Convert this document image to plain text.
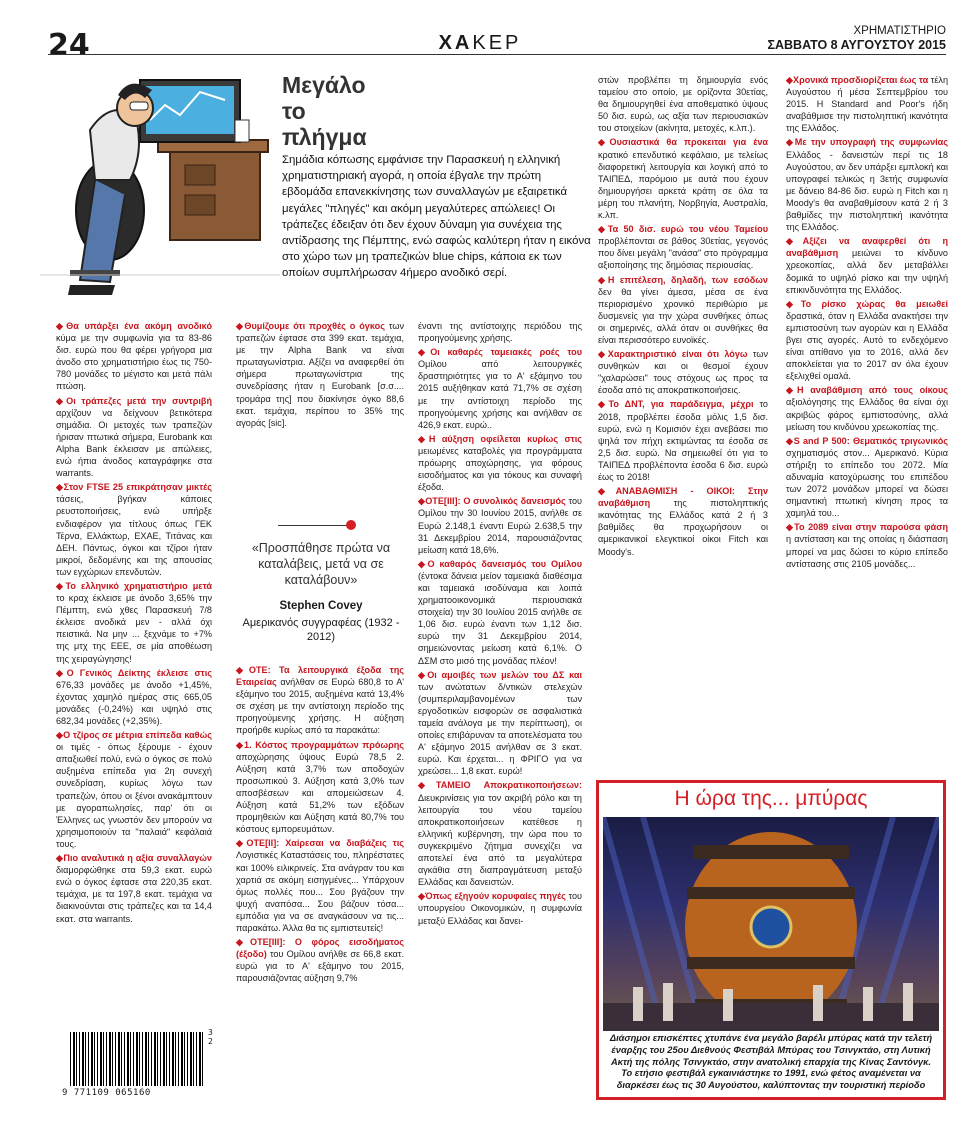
24	ΧΑΚΕΡ
ΧΡΗΜΑΤΙΣΤΗΡΙΟ
ΣΑΒΒΑΤΟ 8 ΑΥΓΟΥΣΤΟΥ 2015
Μεγάλο
το
πλήγμα

Σημάδια κόπωσης εμφάνισε την Παρασκευή η ελληνική χρηματιστηριακή αγορά, η οποία έβγαλε την πρώτη εβδομάδα επανεκκίνησης των συναλλαγών με εξαιρετικά μεγάλες "πληγές" και ακόμη μεγαλύτερες απώλειες! Οι τράπεζες έδειξαν ότι δεν έχουν δύναμη για συνέχεια της αντίδρασης της Πέμπτης, ενώ σαφώς καλύτερη ήταν η εικόνα στο χώρο των μη τραπεζικών blue chips, κάποια εκ των οποίων συμπλήρωσαν 4ήμερο ανοδικό σερί.

◆ Θα υπάρξει ένα ακόμη ανοδικό κύμα με την συμφωνία για τα 83-86 δισ. ευρώ που θα φέρει γρήγορα μια άνοδο στο χρηματιστήριο έως τις 750-780 μονάδες το μέγιστο και μετά πάλι πτώση.

◆ Οι τράπεζες μετά την συντριβή αρχίζουν να δείχνουν βετικότερα σημάδια. Οι μετοχές των τραπεζών ήρισαν πτωτικά σήμερα, Eurobank και Alpha Bank έκλεισαν με απώλειες, ενώ ήπια άνοδος καταγράφηκε στα warrants.

◆ Στον FTSE 25 επικράτησαν μικτές τάσεις, βγήκαν κάποιες ρευστοποιήσεις, ενώ υπήρξε ενδιαφέρον για τίτλους όπως ΓΕΚ Τέρνα, Ελλάκτωρ, ΕΧΑΕ, Τιτάνας και ΔΕΗ. Πάντως, όγκοι και τζίροι ήταν μικροί, δεδομένης και της απουσίας των εγχώριων επενδυτών.

◆ Το ελληνικό χρηματιστήριο μετά το κραχ έκλεισε με άνοδο 3,65% την Πέμπτη, ενώ χθες Παρασκευή 7/8 έκλεισε ανοδικά μεν - αλλά όχι πειστικά. Να μην ... ξεχνάμε το +7% της μτχ της ΕΕΕ, σε μία αποθέωση της χειραγώγησης!

◆ Ο Γενικός Δείκτης έκλεισε στις 676,33 μονάδες με άνοδο +1,45%, έχοντας χαμηλό ημέρας στις 665,05 μονάδες (-0,24%) και υψηλό στις 682,34 μονάδες (+2,35%).

◆ Ο τζίρος σε μέτρια επίπεδα καθώς οι τιμές - όπως ξέρουμε - έχουν απαξιωθεί πολύ, ενώ ο όγκος σε πολύ αυξημένα επίπεδα για 2η συνεχή συνεδρίαση, κυρίως λόγω των τραπεζών, όπου οι ξένοι ανακάμπτουν με αγοραπωλησίες, παρ' ότι οι Έλληνες ως γνωστόν δεν μπορούν να χρησιμοποιούν τα "παλαιά" κεφάλαιά τους.

◆ Πιο αναλυτικά η αξία συναλλαγών διαμορφώθηκε στα 59,3 εκατ. ευρώ ενώ ο όγκος έφτασε στα 220,35 εκατ. τεμάχια, με τα 197,8 εκατ. τεμάχια να διακινούνται στις τράπεζες και τα 14,4 εκατ. στα warrants.

◆ Θυμίζουμε ότι προχθές ο όγκος των τραπεζών έφτασε στα 399 εκατ. τεμάχια, με την Alpha Bank να είναι πρωταγωνίστρια. Αξίζει να αναφερθεί ότι σήμερα πρωταγωνίστρια της συνεδρίασης ήταν η Eurobank [σ.σ.... τρομάρα της] που διακίνησε όγκο 88,6 εκατ. τεμάχια, περίπου το 35% της αγοράς [sic].

◆ ΟΤΕ: Τα λειτουργικά έξοδα της Εταιρείας ανήλθαν σε Ευρώ 680,8 το Α' εξάμηνο του 2015, αυξημένα κατά 13,4% σε σχέση με την αντίστοιχη περίοδο της προηγούμενης χρήσης. Η αύξηση προήρθε κυρίως από τα παρακάτω:

◆ 1. Κόστος προγραμμάτων πρόωρης αποχώρησης ύψους Ευρώ 78,5 2. Αύξηση κατά 3,7% των αποδοχών προσωπικού 3. Αύξηση κατά 3,0% των αποσβέσεων και απομειώσεων 4. Αύξηση κατά 51,2% των εξόδων προμηθειών και Αύξηση κατά 80,7% του κόστους εμπορευμάτων.

◆ ΟΤΕ[ΙΙ]: Χαίρεσαι να διαβάζεις τις Λογιστικές Καταστάσεις του, πληρέστατες και 100% ειλικρινείς. Στα ανάγραν του και χαρτιά σε ακόμη εισηγμένες... Υπάρχουν όμως πολλές που... Σου βγάζουν την ψυχή αναπόσα... Σου βάζουν τόσα... εμπόδια για να σε αναγκάσουν να τις... παρακάτω. Άλλα θα τις εμπιστευτείς!

◆ ΟΤΕ[ΙΙΙ]: Ο φόρος εισοδήματος (έξοδο) του Ομίλου ανήλθε σε 66,8 εκατ. ευρώ για το Α' εξάμηνο του 2015, παρουσιάζοντας αύξηση 9,7%

έναντι της αντίστοιχης περιόδου της προηγούμενης χρήσης.

◆ Οι καθαρές ταμειακές ροές του Ομίλου από λειτουργικές δραστηριότητες για το Α' εξάμηνο του 2015 αυξήθηκαν κατά 71,7% σε σχέση με την αντίστοιχη περίοδο της προηγούμενης χρήσης και ανήλθαν σε 426,9 εκατ. ευρώ..

◆ Η αύξηση οφείλεται κυρίως στις μειωμένες καταβολές για προγράμματα πρόωρης αποχώρησης, για φόρους εισοδήματος και για τόκους και συναφή έξοδα.

◆ ΟΤΕ[ΙΙΙ]: Ο συνολικός δανεισμός του Ομίλου την 30 Ιουνίου 2015, ανήλθε σε Ευρώ 2.148,1 έναντι Ευρώ 2.638,5 την 31 Δεκεμβρίου 2014, παρουσιάζοντας μείωση κατά 18,6%.

◆ Ο καθαρός δανεισμός του Ομίλου (έντοκα δάνεια μείον ταμειακά διαθέσιμα και ταμειακά ισοδύναμα και λοιπά χρηματοοικονομικά περιουσιακά στοιχεία) την 30 Ιουλίου 2015 ανήλθε σε 1,06 δισ. ευρώ έναντι των 1,12 δισ. ευρώ την 31 Δεκεμβρίου 2014, σημειώνοντας μείωση κατά 6,1%. Ο ΔΣΜ στο μισό της μονάδας πλέον!

◆ Οι αμοιβές των μελών του ΔΣ και των ανώτατων δ/ντικών στελεχών (συμπεριλαμβανομένων των εργοδοτικών εισφορών σε ασφαλιστικά ταμεία ανάλογα με την περίπτωση), οι οποίες επιβάρυναν τα αποτελέσματα του Α' εξάμηνο 2015 ανήλθαν σε 3 εκατ. ευρώ. Και έρχεται... η ΦΡΙΓΟ για να χρεώσει... 1,8 εκατ. ευρώ!

◆ ΤΑΜΕΙΟ Αποκρατικοποιήσεων: Διευκρινίσεις για τον ακριβή ρόλο και τη λειτουργία του νέου ταμείου αποκρατικοποιήσεων κατέθεσε η ελληνική κυβέρνηση, την ώρα που το συγκεκριμένο ζήτημα συνεχίζει να αποτελεί ένα από τα μεγαλύτερα αγκάθια στη διαπραγμάτευση μεταξύ Ελλάδας και δανειστών.

◆ Όπως εξηγούν κορυφαίες πηγές του υπουργείου Οικονομικών, η συμφωνία μεταξύ Ελλάδας και δανει-

στών προβλέπει τη δημιουργία ενός ταμείου στο οποίο, με ορίζοντα 30ετίας, θα δημιουργηθεί ένα αποθεματικό ύψους 50 δισ. ευρώ, ως αξία των περιουσιακών του στοιχείων (ακίνητα, μετοχές, κ.λπ.).

◆ Ουσιαστικά θα προκειται για ένα κρατικό επενδυτικό κεφάλαιο, με τελείως διαφορετική λειτουργία και λογική από το ΤΑΙΠΕΔ, παρόμοιο με αυτά που έχουν δημιουργήσει αρκετά κράτη σε όλα τα μέρη του πλανήτη, Νορβηγία, Αυστραλία, κ.λπ.

◆ Τα 50 δισ. ευρώ του νέου Ταμείου προβλέπονται σε βάθος 30ετίας, γεγονός που δίνει μεγάλη "ανάσα" στο πρόγραμμα αξιοποίησης της δημόσιας περιουσίας.

◆ Η επιτέλεση, δηλαδή, των εσόδων δεν θα γίνει άμεσα, μέσα σε ένα περιορισμένο χρονικό περιθώριο με δυσμενείς για την χώρα συνθήκες όπως οι σημερινές, αλλά όταν οι συνθήκες θα είναι περισσότερο ευνοϊκές.

◆ Χαρακτηριστικό είναι ότι λόγω των συνθηκών και οι θεσμοί έχουν "χαλαρώσει" τους στόχους ως προς τα έσοδα από τις αποκρατικοποιήσεις.

◆ Το ΔΝΤ, για παράδειγμα, μέχρι το 2018, προβλέπει έσοδα μόλις 1,5 δισ. ευρώ, ενώ η Κομισιόν έχει ανεβάσει πιο ψηλά τον πήχη εκτιμώντας τα έσοδα σε 2,5 δισ. ευρώ. Να σημειωθεί ότι για το ΤΑΙΠΕΔ προβλέποντα έσοδα 6 δισ. ευρώ έως το 2018!

◆ ΑΝΑΒΑΘΜΙΣΗ - ΟΙΚΟΙ: Στην αναβάθμιση	της πιστοληπτικής ικανότητας της Ελλάδος κατά 2 ή 3 βαθμίδες θα προχωρήσουν οι αμερικανικοί ελεγκτικοί οίκοι Fitch και Moody's.

◆ Χρονικά προσδιορίζεται έως τα τέλη Αυγούστου ή μέσα Σεπτεμβρίου του 2015. Η Standard and Poor's ήδη αναβάθμισε την πιστοληπτική ικανότητα της Ελλάδος.

◆ Με την υπογραφή της συμφωνίας Ελλάδος - δανειστών περί τις 18 Αυγούστου, αν δεν υπάρξει εμπλοκή και υπογραφεί τελικώς η 3ετής συμφωνία με δάνειο 84-86 δισ. ευρώ η Fitch και η Moody's θα αναβαθμίσουν κατά 2 ή 3 βαθμίδες την πιστοληπτική ικανότητα της Ελλάδος.

◆ Αξίζει να αναφερθεί ότι η αναβάθμιση μειώνει το κίνδυνο χρεοκοπίας, αλλά δεν μεταβάλλει δομικά το υψηλό ρίσκο και την υψηλή επικινδυνότητα της Ελλάδος.

◆ Το ρίσκο χώρας θα μειωθεί δραστικά, όταν η Ελλάδα ανακτήσει την εμπιστοσύνη των αγορών και η Ελλάδα βγει στις αγορές. Αυτό το ενδεχόμενο είναι απίθανο για το 2016, αλλά δεν αποκλείεται για το 2017 αν όλα έχουν εξελιχθεί ομαλά.

◆ Η αναβάθμιση από τους οίκους αξιολόγησης της Ελλάδος θα είναι όχι ακριβώς φάρος εμπιστοσύνης, αλλά μείωση του κινδύνου χρεωκοπίας της.

◆ S and P 500: Θεματικός τριγωνικός σχηματισμός στον... Αμερικανό. Κύρια στήριξη το επίπεδο του 2072. Μία αδυναμία κατοχύρωσης του επιπέδου των 2072 μονάδων μπορεί να δώσει σημαντική πτωτική κίνηση προς τα χαμηλά του...

◆ Το 2089 είναι στην παρούσα φάση η αντίσταση και της οποίας η διάσπαση μπορεί να μας δώσει το κύριο επίπεδο αντίστασης στις 2105 μονάδες...

«Προσπάθησε πρώτα να καταλάβεις, μετά να σε καταλάβουν»
Stephen Covey
Αμερικανός συγγραφέας (1932 - 2012)
9 771109 065160
3 2
Η ώρα της... μπύρας
Διάσημοι επισκέπτες χτυπάνε ένα μεγάλο βαρέλι μπύρας κατά την τελετή έναρξης του 25ου Διεθνούς Φεστιβάλ Μπύρας του Τσινγκτάο, στη Λυτική Ακτή της πόλης Τσινγκτάο, στην ανατολική επαρχία της Κίνας Σαντόνγκ. Το ετήσιο φεστιβάλ εγκαινιάστηκε το 1991, ενώ φέτος αναμένεται να διαρκέσει έως τις 30 Αυγούστου, καλύπτοντας την τουριστική περίοδο
